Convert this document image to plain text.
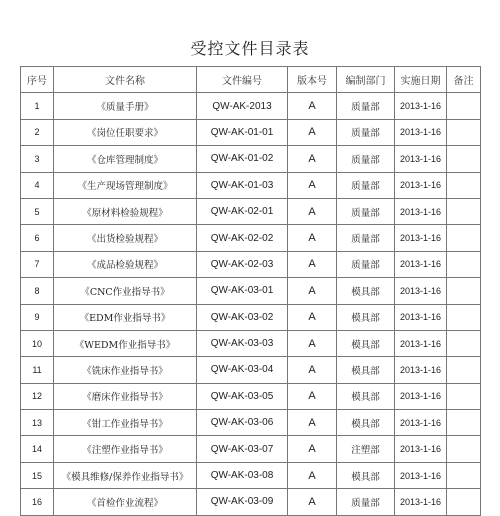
受控文件目录表
序号	文件名称	文件编号	版本号	编制部门	实施日期	备注
1	《质量手册》	QW-AK-2013	A	质量部	2013-1-16	
2	《岗位任职要求》	QW-AK-01-01	A	质量部	2013-1-16	
3	《仓库管理制度》	QW-AK-01-02	A	质量部	2013-1-16	
4	《生产现场管理制度》	QW-AK-01-03	A	质量部	2013-1-16	
5	《原材料检验规程》	QW-AK-02-01	A	质量部	2013-1-16	
6	《出货检验规程》	QW-AK-02-02	A	质量部	2013-1-16	
7	《成品检验规程》	QW-AK-02-03	A	质量部	2013-1-16	
8	《CNC作业指导书》	QW-AK-03-01	A	模具部	2013-1-16	
9	《EDM作业指导书》	QW-AK-03-02	A	模具部	2013-1-16	
10	《WEDM作业指导书》	QW-AK-03-03	A	模具部	2013-1-16	
11	《铣床作业指导书》	QW-AK-03-04	A	模具部	2013-1-16	
12	《磨床作业指导书》	QW-AK-03-05	A	模具部	2013-1-16	
13	《钳工作业指导书》	QW-AK-03-06	A	模具部	2013-1-16	
14	《注塑作业指导书》	QW-AK-03-07	A	注塑部	2013-1-16	
15	《模具维修/保养作业指导书》	QW-AK-03-08	A	模具部	2013-1-16	
16	《首检作业流程》	QW-AK-03-09	A	质量部	2013-1-16	
